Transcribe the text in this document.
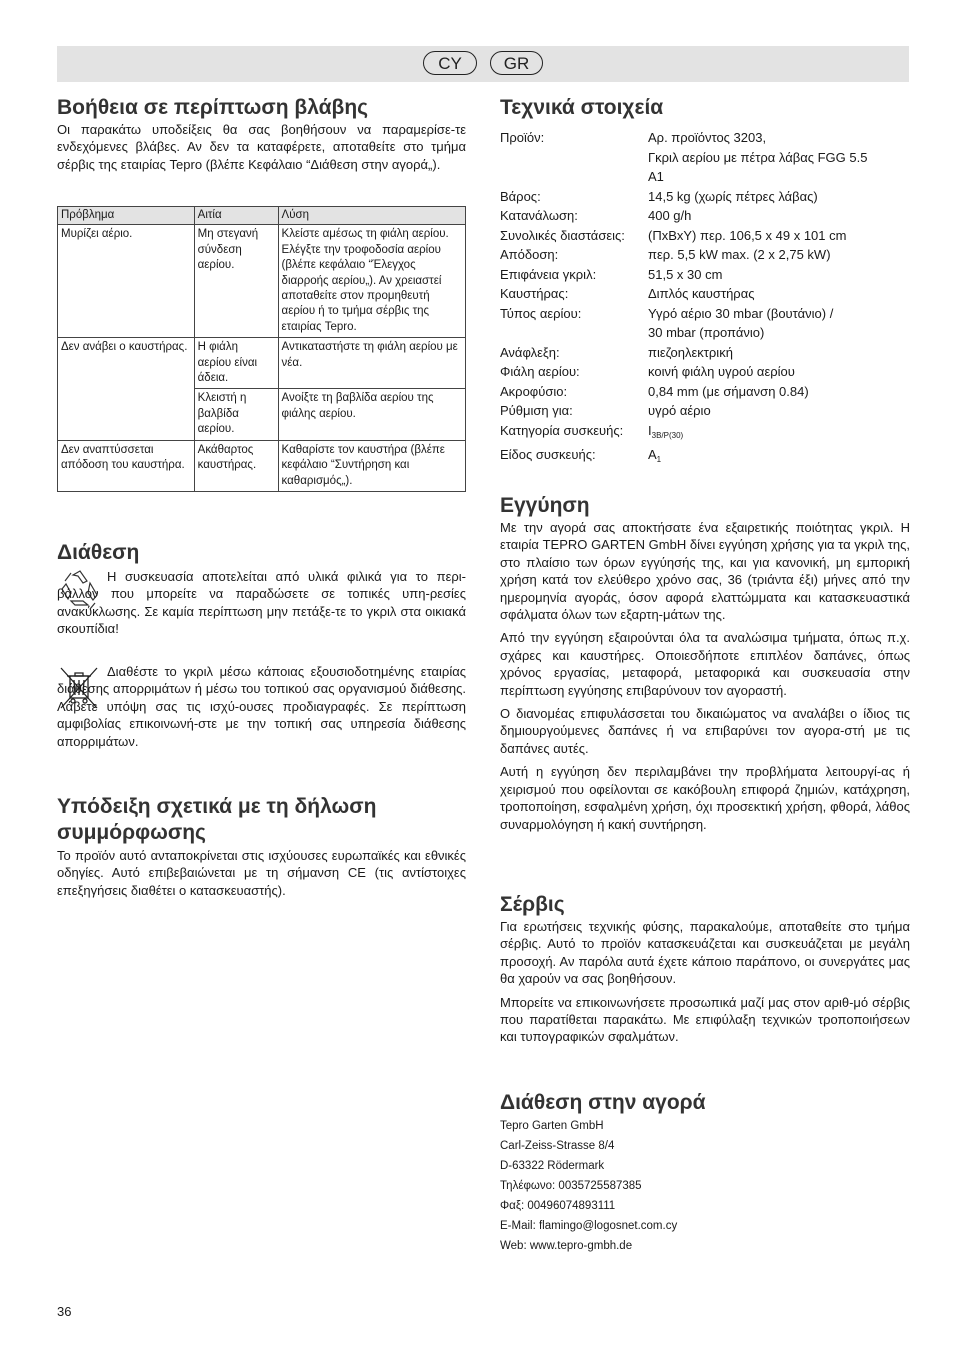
CY	GR
Βοήθεια σε περίπτωση βλάβης

Οι παρακάτω υποδείξεις θα σας βοηθήσουν να παραμερίσε-τε ενδεχόμενες βλάβες. Αν δεν τα καταφέρετε, αποταθείτε στο τμήμα σέρβις της εταιρίας Tepro (βλέπε Κεφάλαιο “Διάθεση στην αγορά„).

Πρόβλημα	Αιτία	Λύση
Μυρίζει αέριο.	Μη στεγανή σύνδεση αερίου.	Κλείστε αμέσως τη φιάλη αερίου. Ελέγξτε την τροφοδοσία αερίου (βλέπε κεφάλαιο “Έλεγχος διαρροής αερίου„). Αν χρειαστεί αποταθείτε στον προμηθευτή αερίου ή το τμήμα σέρβις της εταιρίας Tepro.
Δεν ανάβει ο καυστήρας.	Η φιάλη αερίου είναι άδεια.	Αντικαταστήστε τη φιάλη αερίου με νέα.
	Κλειστή η βαλβίδα αερίου.	Ανοίξτε τη βαβλίδα αερίου της φιάλης αερίου.
Δεν αναπτύσσεται απόδοση του καυστήρα.	Ακάθαρτος καυστήρας.	Καθαρίστε τον καυστήρα (βλέπε κεφάλαιο “Συντήρηση και καθαρισμός„).
Διάθεση

Η συσκευασία αποτελείται από υλικά φιλικά για το περι-βάλλον που μπορείτε να παραδώσετε σε τοπικές υπη-ρεσίες ανακύκλωσης. Σε καμία περίπτωση μην πετάξε-τε το γκριλ στα οικιακά σκουπίδια!

Διαθέστε το γκριλ μέσω κάποιας εξουσιοδοτημένης εταιρίας διάθεσης απορριμάτων ή μέσω του τοπικού σας οργανισμού διάθεσης. Λάβετε υπόψη σας τις ισχύ-ουσες προδιαγραφές. Σε περίπτωση αμφιβολίας επικοινωνή-στε με την τοπική σας υπηρεσία διάθεσης απορριμάτων.

Υπόδειξη σχετικά με τη δήλωση
συμμόρφωσης

Το προϊόν αυτό ανταποκρίνεται στις ισχύουσες ευρωπαϊκές και εθνικές οδηγίες. Αυτό επιβεβαιώνεται με τη σήμανση CE (τις αντίστοιχες επεξηγήσεις διαθέτει ο κατασκευαστής).

Τεχνικά στοιχεία
Προϊόν:	Αρ. προϊόντος 3203,
Γκριλ αερίου με πέτρα λάβας FGG 5.5
A1
Βάρος:	14,5 kg (χωρίς πέτρες λάβας)
Κατανάλωση:	400 g/h
Συνολικές διαστάσεις:	(ΠxΒxΥ) περ. 106,5 x 49 x 101 cm
Απόδοση:	περ. 5,5 kW max. (2 x 2,75 kW)
Επιφάνεια γκριλ:	51,5 x 30 cm
Καυστήρας:	Διπλός καυστήρας
Τύπος αερίου:	Υγρό αέριο 30 mbar (βουτάνιο) /
30 mbar (προπάνιο)
Ανάφλεξη:	πιεζοηλεκτρική
Φιάλη αερίου:	κοινή φιάλη υγρού αερίου
Ακροφύσιο:	0,84 mm (με σήμανση 0.84)
Ρύθμιση για:	υγρό αέριο
Κατηγορία συσκευής:	$I_{3B/P(30)}$
Είδος συσκευής:	$A_1$
Εγγύηση

Με την αγορά σας αποκτήσατε ένα εξαιρετικής ποιότητας γκριλ. Η εταιρία TEPRO GARTEN GmbH δίνει εγγύηση χρήσης για τα γκριλ της, στο πλαίσιο των όρων εγγύησής της, και για κανονική, μη εμπορική χρήση κατά τον ελεύθερο χρόνο σας, 36 (τριάντα έξι) μήνες από την ημερομηνία αγοράς, όσον αφορά ελαττώμματα και κατασκευαστικά σφάλματα όλων των εξαρτη-μάτων της.

Από την εγγύηση εξαιρούνται όλα τα αναλώσιμα τμήματα, όπως π.χ. σχάρες και καυστήρες. Οποιεσδήποτε επιπλέον δαπάνες, όπως χρόνος εργασίας, μεταφορά, μεταφορικά και συσκευασία στην περίπτωση εγγύησης επιβαρύνουν τον αγοραστή.

Ο διανομέας επιφυλάσσεται του δικαιώματος να αναλάβει ο ίδιος τις δημιουργούμενες δαπάνες ή να επιβαρύνει τον αγορα-στή με τις δαπάνες αυτές.

Αυτή η εγγύηση δεν περιλαμβάνει την προβλήματα λειτουργί-ας ή χειρισμού που οφείλονται σε κακόβουλη επιφορά ζημιών, κατάχρηση, τροποποίηση, εσφαλμένη χρήση, όχι προσεκτική χρήση, φθορά, λάθος συναρμολόγηση ή κακή συντήρηση.

Σέρβις

Για ερωτήσεις τεχνικής φύσης, παρακαλούμε, αποταθείτε στο τμήμα σέρβις. Αυτό το προϊόν κατασκευάζεται και συσκευάζεται με μεγάλη προσοχή. Αν παρόλα αυτά έχετε κάποιο παράπονο, οι συνεργάτες μας θα χαρούν να σας βοηθήσουν.

Μπορείτε να επικοινωνήσετε προσωπικά μαζί μας στον αριθ-μό σέρβις που παρατίθεται παρακάτω. Με επιφύλαξη τεχνικών τροποποιήσεων και τυπογραφικών σφαλμάτων.

Διάθεση στην αγορά
Tepro Garten GmbH
Carl-Zeiss-Strasse 8/4
D-63322 Rödermark
Τηλέφωνο: 0035725587385
Φαξ: 00496074893111
E-Mail: flamingo@logosnet.com.cy
Web: www.tepro-gmbh.de
36
